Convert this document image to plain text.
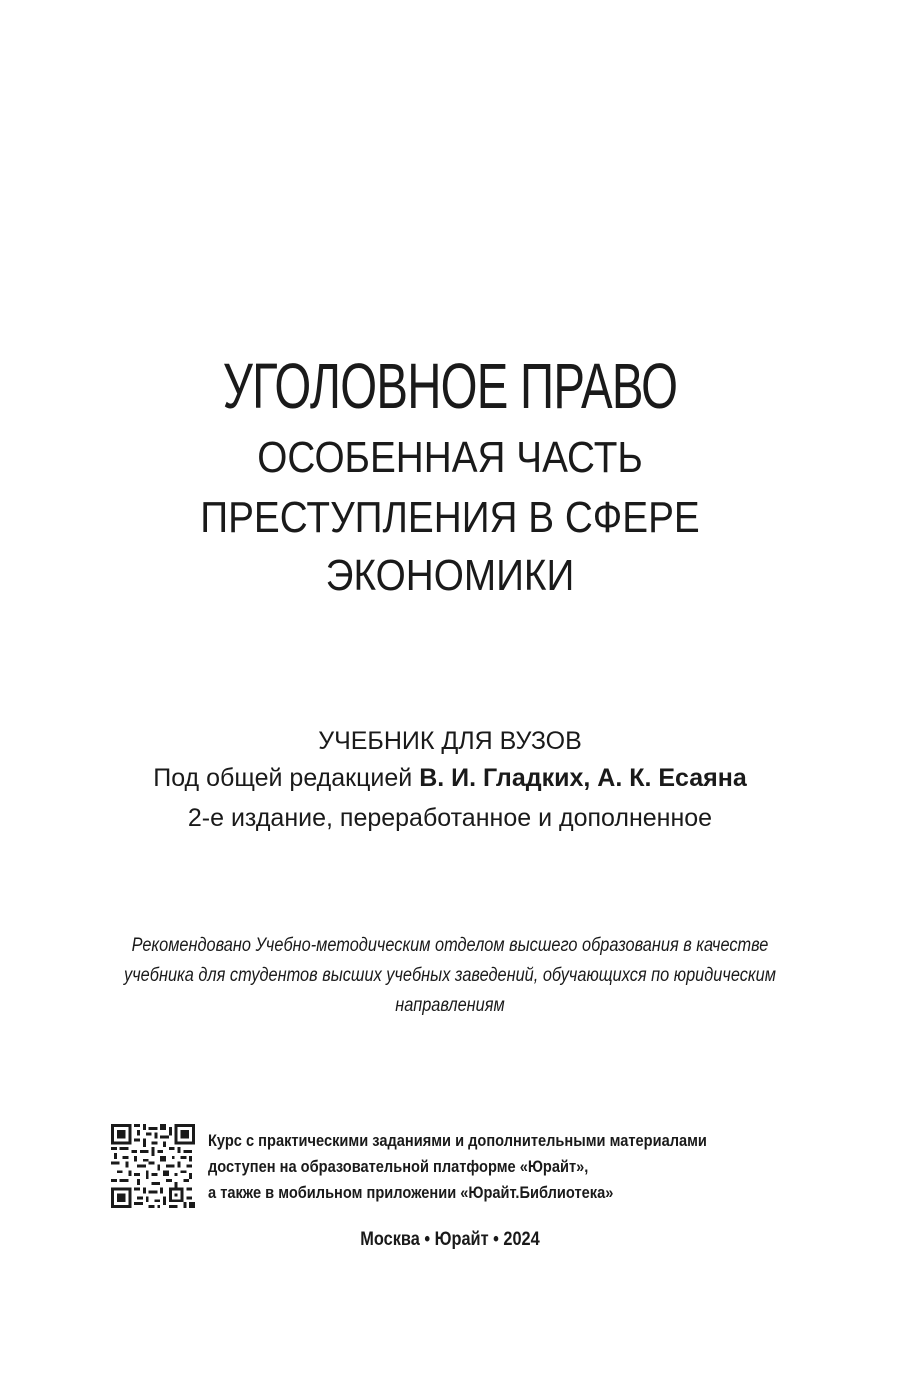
УГОЛОВНОЕ ПРАВО
ОСОБЕННАЯ ЧАСТЬ
ПРЕСТУПЛЕНИЯ В СФЕРЕ
ЭКОНОМИКИ
УЧЕБНИК ДЛЯ ВУЗОВ
Под общей редакцией В. И. Гладких, А. К. Есаяна
2-е издание, переработанное и дополненное
Рекомендовано Учебно-методическим отделом высшего образования в качестве
учебника для студентов высших учебных заведений, обучающихся по юридическим
направлениям
Курс с практическими заданиями и дополнительными материалами
доступен на образовательной платформе «Юрайт»,
а также в мобильном приложении «Юрайт.Библиотека»
Москва • Юрайт • 2024
